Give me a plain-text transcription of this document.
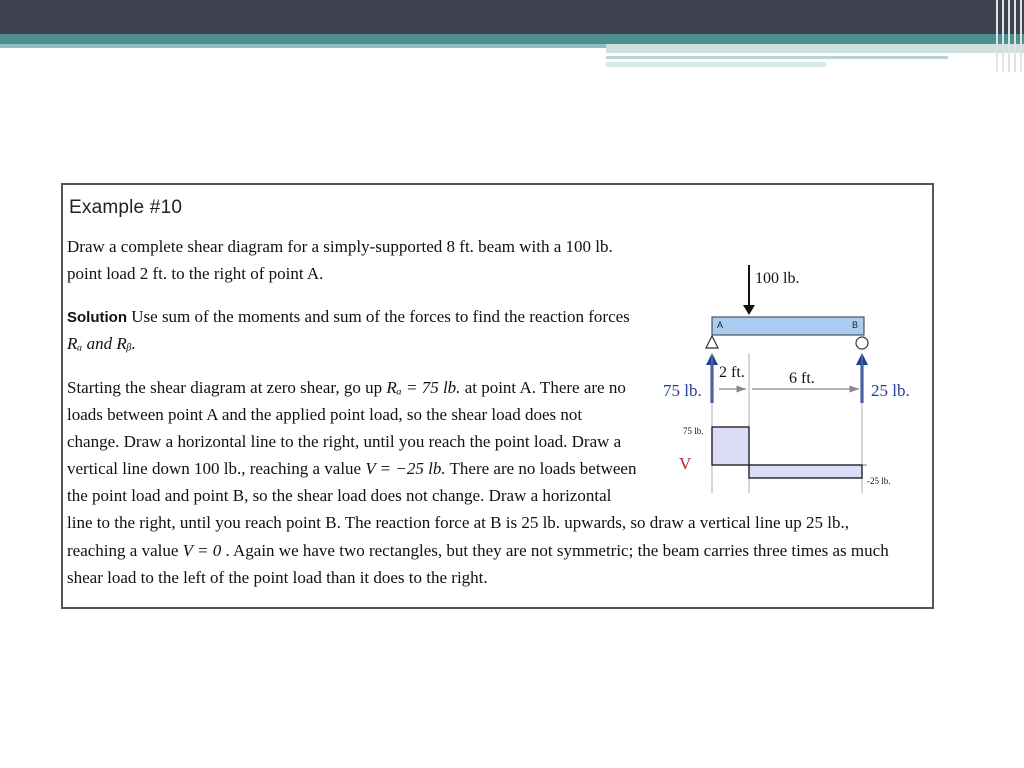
Example #10
Draw a complete shear diagram for a simply-supported 8 ft. beam with a 100 lb.
point load 2 ft. to the right of point A.
Solution Use sum of the moments and sum of the forces to find the reaction forces
Rₐ and Rᵦ.
Starting the shear diagram at zero shear, go up Rₐ = 75 lb. at point A. There are no
loads between point A and the applied point load, so the shear load does not
change. Draw a horizontal line to the right, until you reach the point load. Draw a
vertical line down 100 lb., reaching a value V = −25 lb. There are no loads between
the point load and point B, so the shear load does not change. Draw a horizontal
line to the right, until you reach point B. The reaction force at B is 25 lb. upwards, so draw a vertical line up 25 lb.,
reaching a value V = 0 . Again we have two rectangles, but they are not symmetric; the beam carries three times as much
shear load to the left of the point load than it does to the right.
100 lb.
A	B
75 lb.	25 lb.
2 ft.	6 ft.
V
75 lb.
-25 lb.
